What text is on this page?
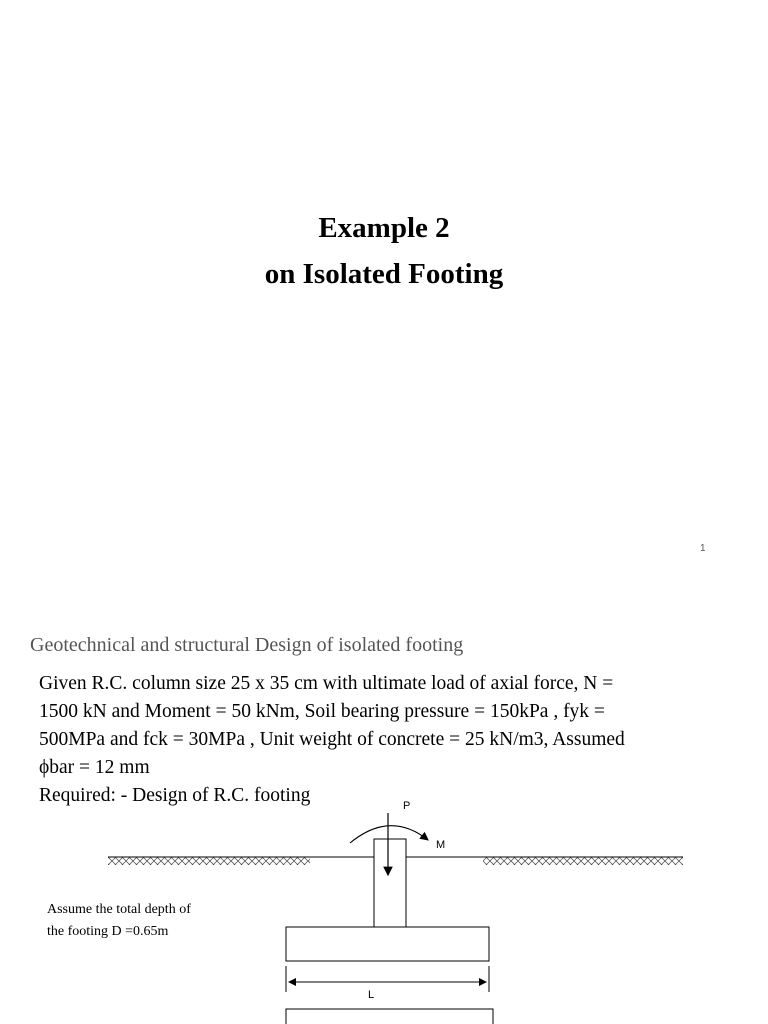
Example 2
on Isolated Footing
1
Geotechnical and structural Design of isolated footing
Given R.C. column size 25 x 35 cm with ultimate load of axial force, N =
1500 kN and Moment = 50 kNm, Soil bearing pressure = 150kPa , fyk =
500MPa and fck = 30MPa , Unit weight of concrete = 25 kN/m3, Assumed
ϕbar = 12 mm
Required: - Design of R.C. footing
Assume the total depth of
the footing D =0.65m
P
M
L
